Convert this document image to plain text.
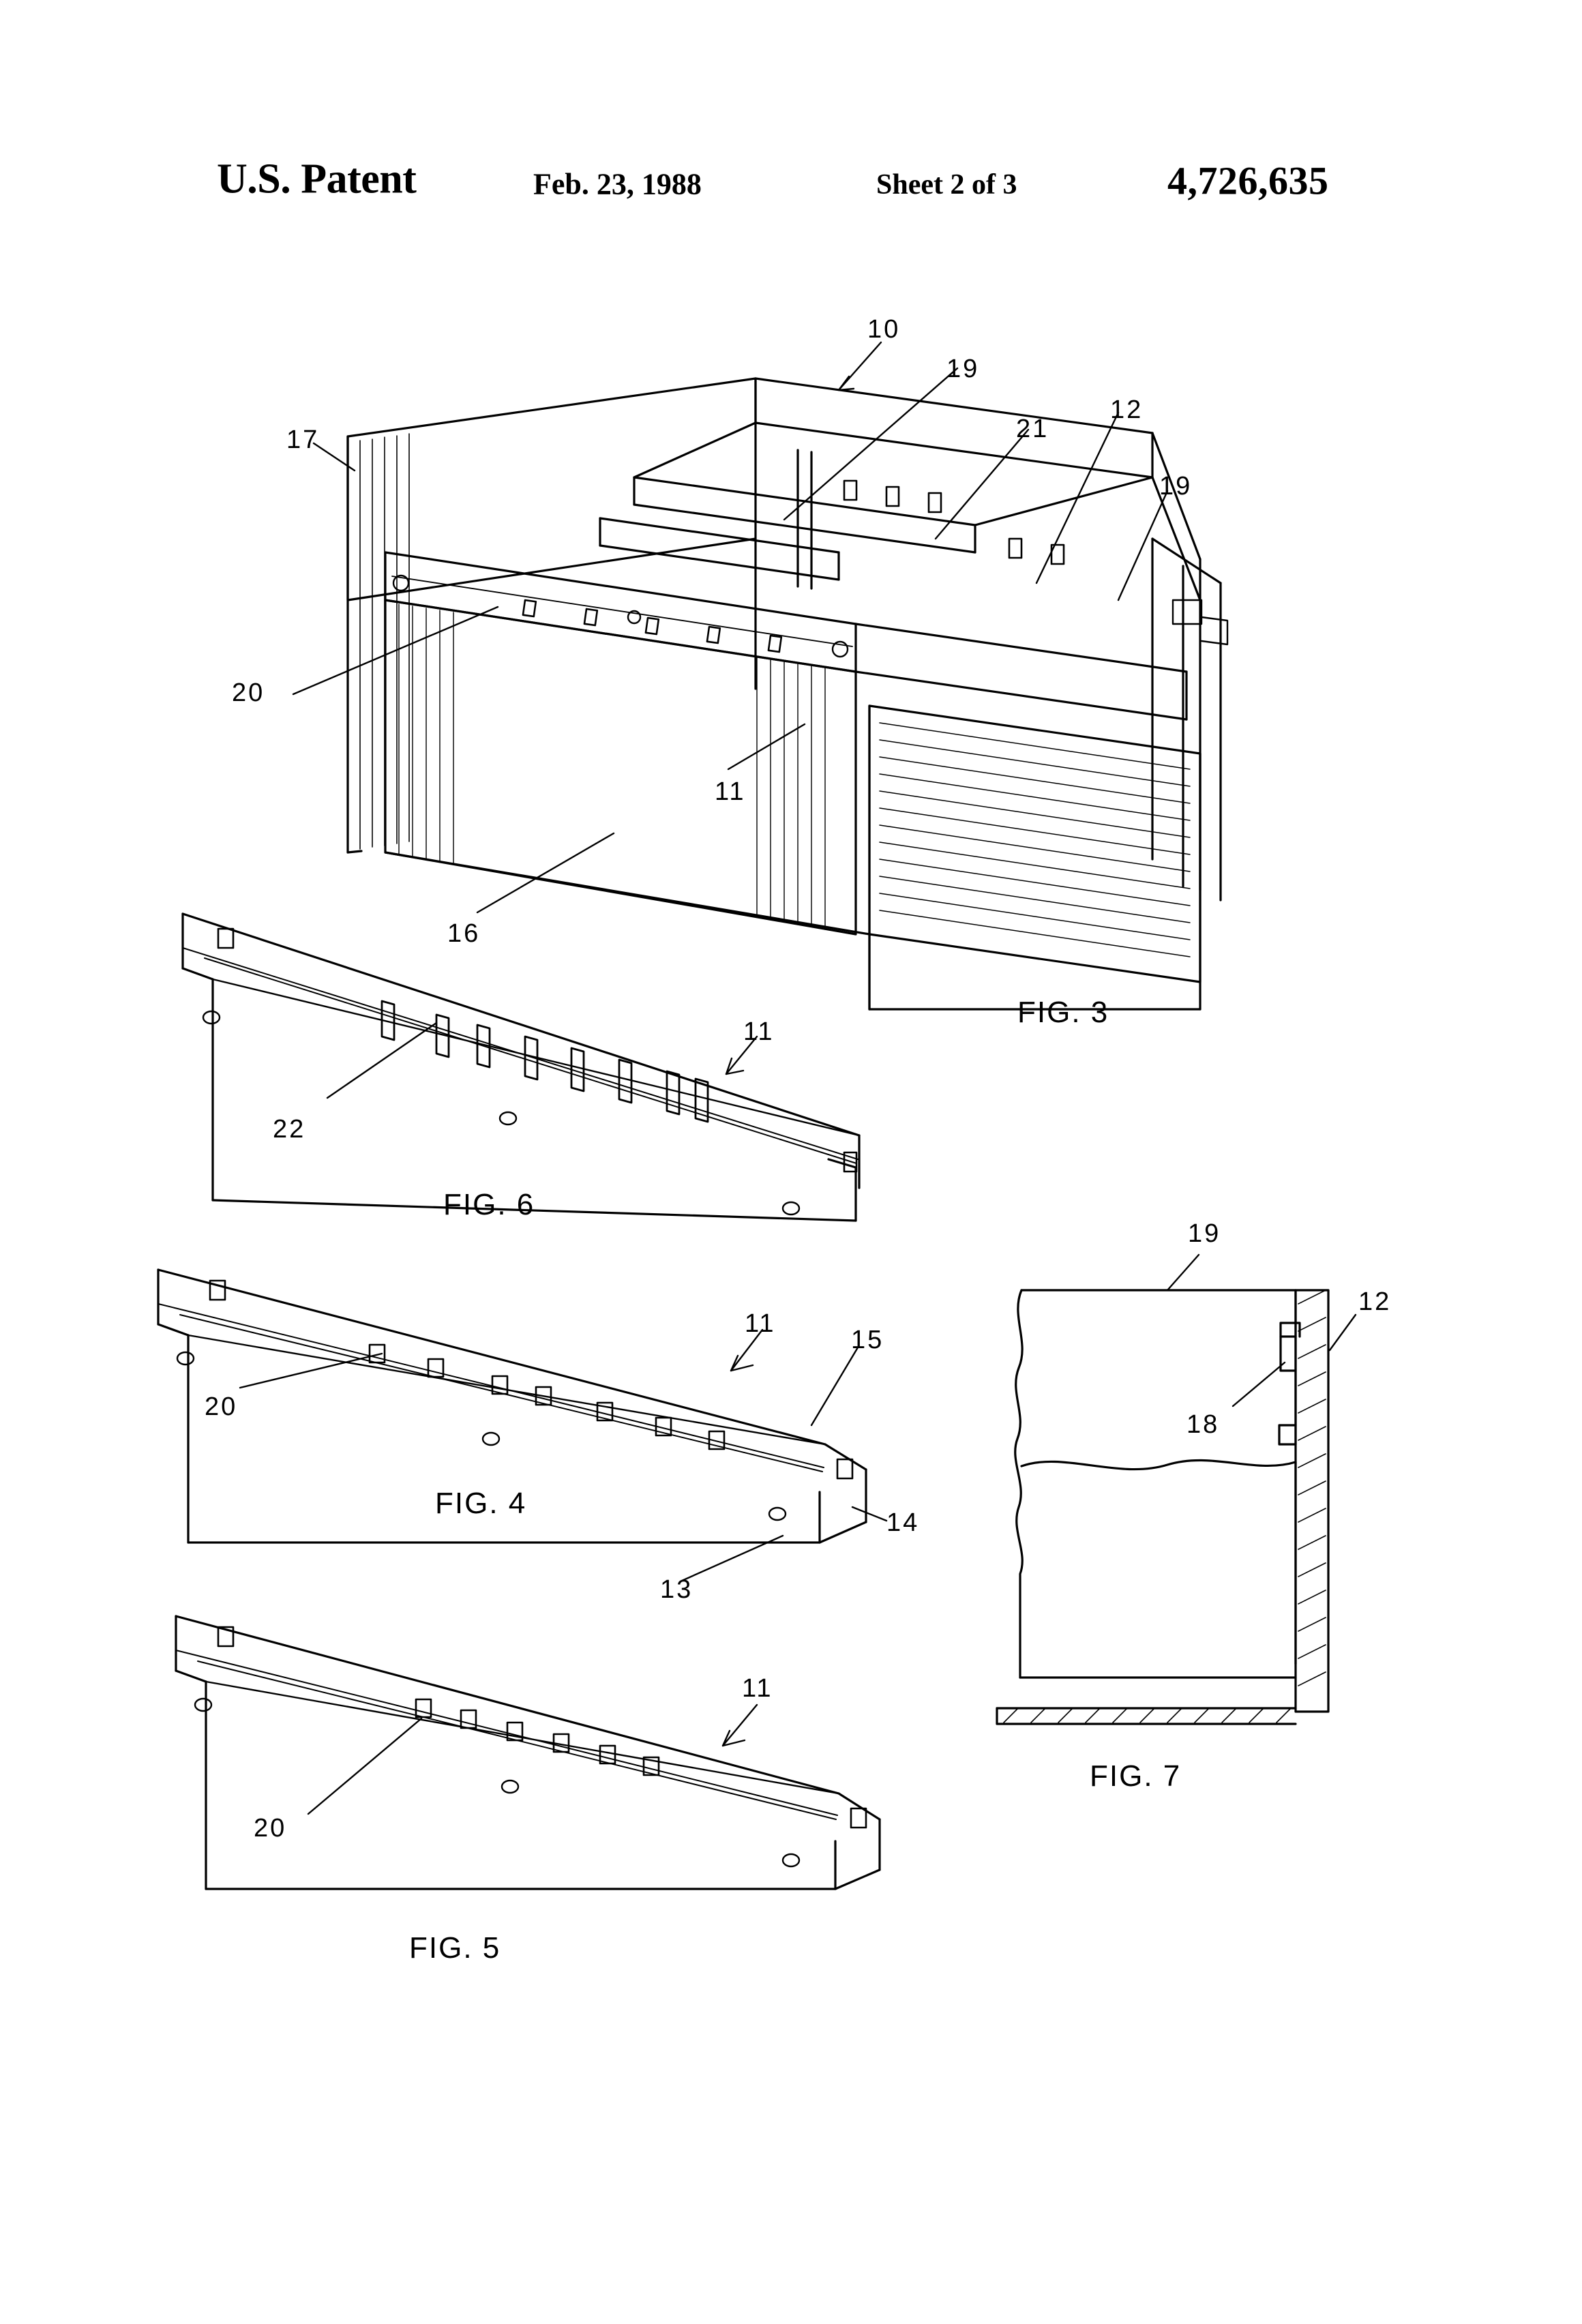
U.S. Patent	Feb. 23, 1988	Sheet 2 of 3	4,726,635
10
19
21
12
19
17
20
11
16
FIG. 3
22
11
FIG. 6
20
11
15
14
13
FIG. 4
20
11
FIG. 5
19
12
18
FIG. 7
